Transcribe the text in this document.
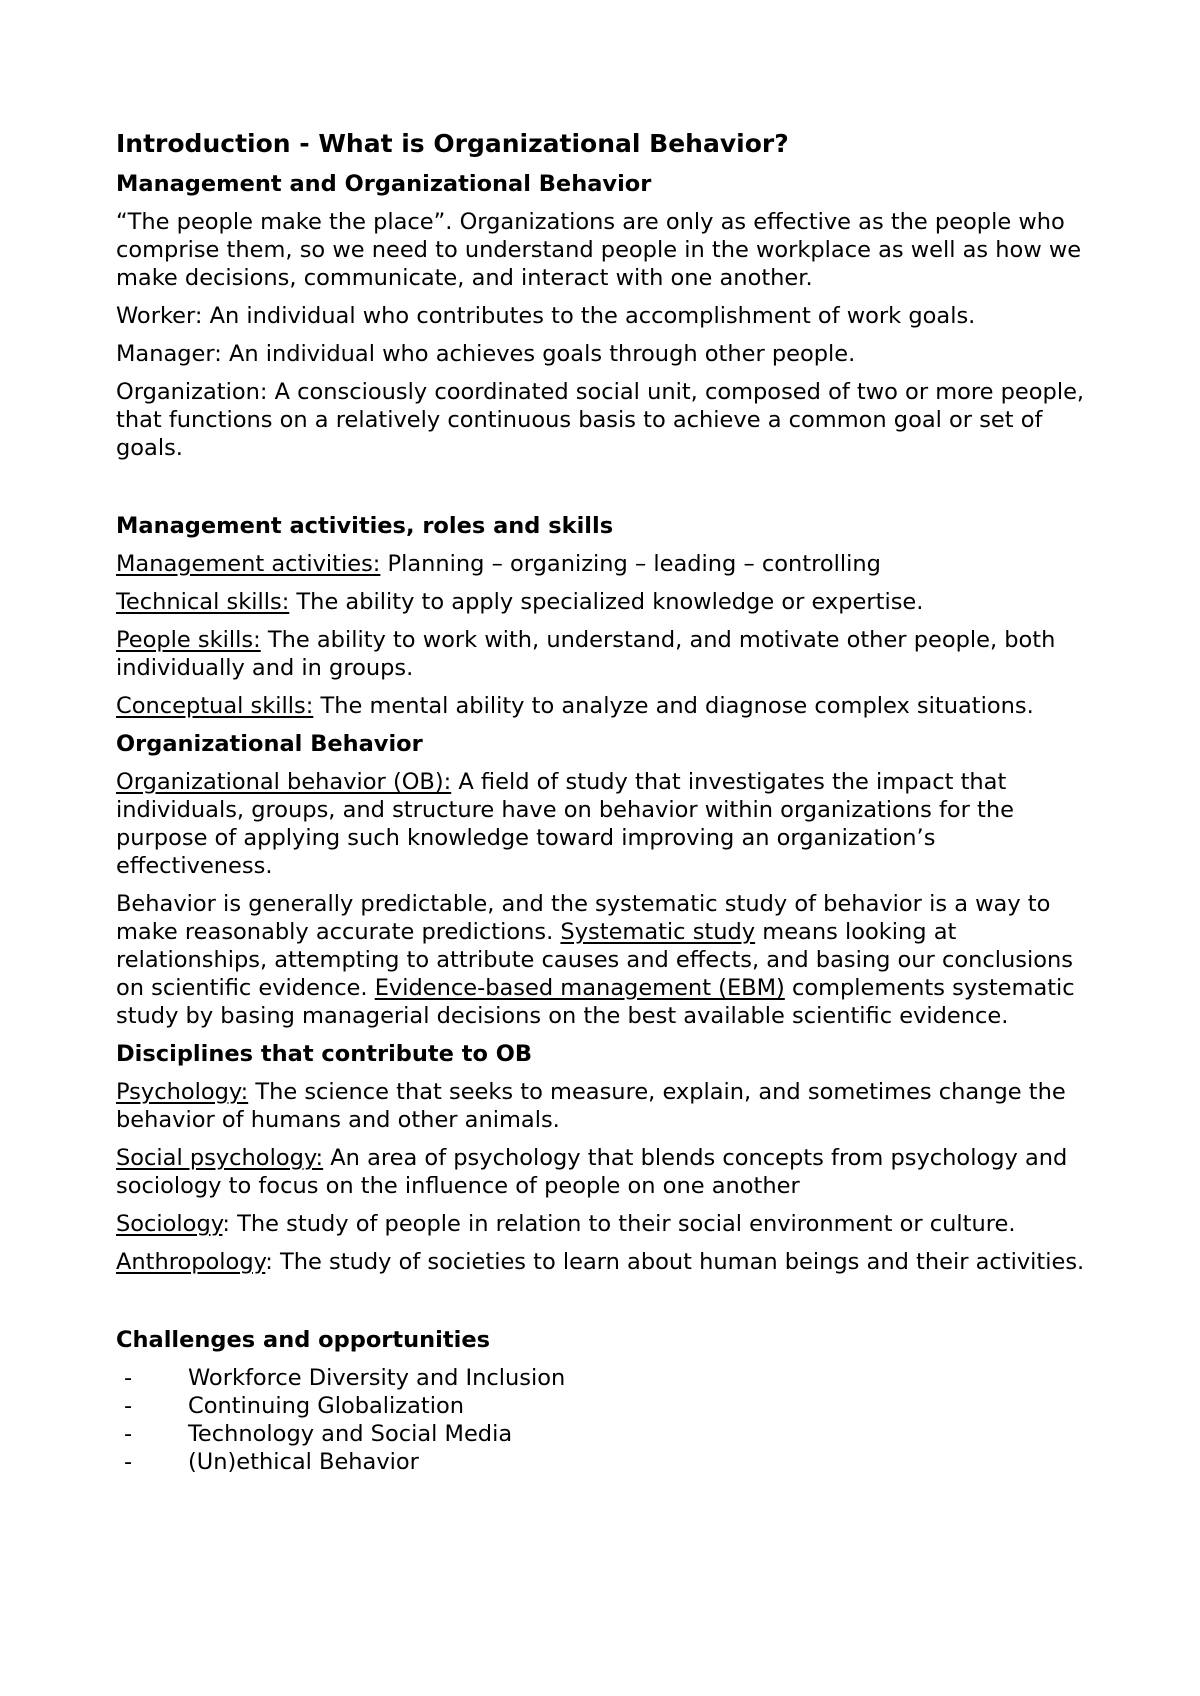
Introduction - What is Organizational Behavior?
Management and Organizational Behavior

“The people make the place”. Organizations are only as effective as the people who comprise them, so we need to understand people in the workplace as well as how we make decisions, communicate, and interact with one another.

Worker: An individual who contributes to the accomplishment of work goals.

Manager: An individual who achieves goals through other people.

Organization: A consciously coordinated social unit, composed of two or more people, that functions on a relatively continuous basis to achieve a common goal or set of goals.

Management activities, roles and skills

Management activities: Planning – organizing – leading – controlling

Technical skills: The ability to apply specialized knowledge or expertise.

People skills: The ability to work with, understand, and motivate other people, both individually and in groups.

Conceptual skills: The mental ability to analyze and diagnose complex situations.

Organizational Behavior

Organizational behavior (OB): A field of study that investigates the impact that individuals, groups, and structure have on behavior within organizations for the purpose of applying such knowledge toward improving an organization’s effectiveness.

Behavior is generally predictable, and the systematic study of behavior is a way to make reasonably accurate predictions. Systematic study means looking at relationships, attempting to attribute causes and effects, and basing our conclusions on scientific evidence. Evidence-based management (EBM) complements systematic study by basing managerial decisions on the best available scientific evidence.

Disciplines that contribute to OB

Psychology: The science that seeks to measure, explain, and sometimes change the behavior of humans and other animals.

Social psychology: An area of psychology that blends concepts from psychology and sociology to focus on the influence of people on one another

Sociology: The study of people in relation to their social environment or culture.

Anthropology: The study of societies to learn about human beings and their activities.

Challenges and opportunities
- Workforce Diversity and Inclusion
- Continuing Globalization
- Technology and Social Media
- (Un)ethical Behavior
